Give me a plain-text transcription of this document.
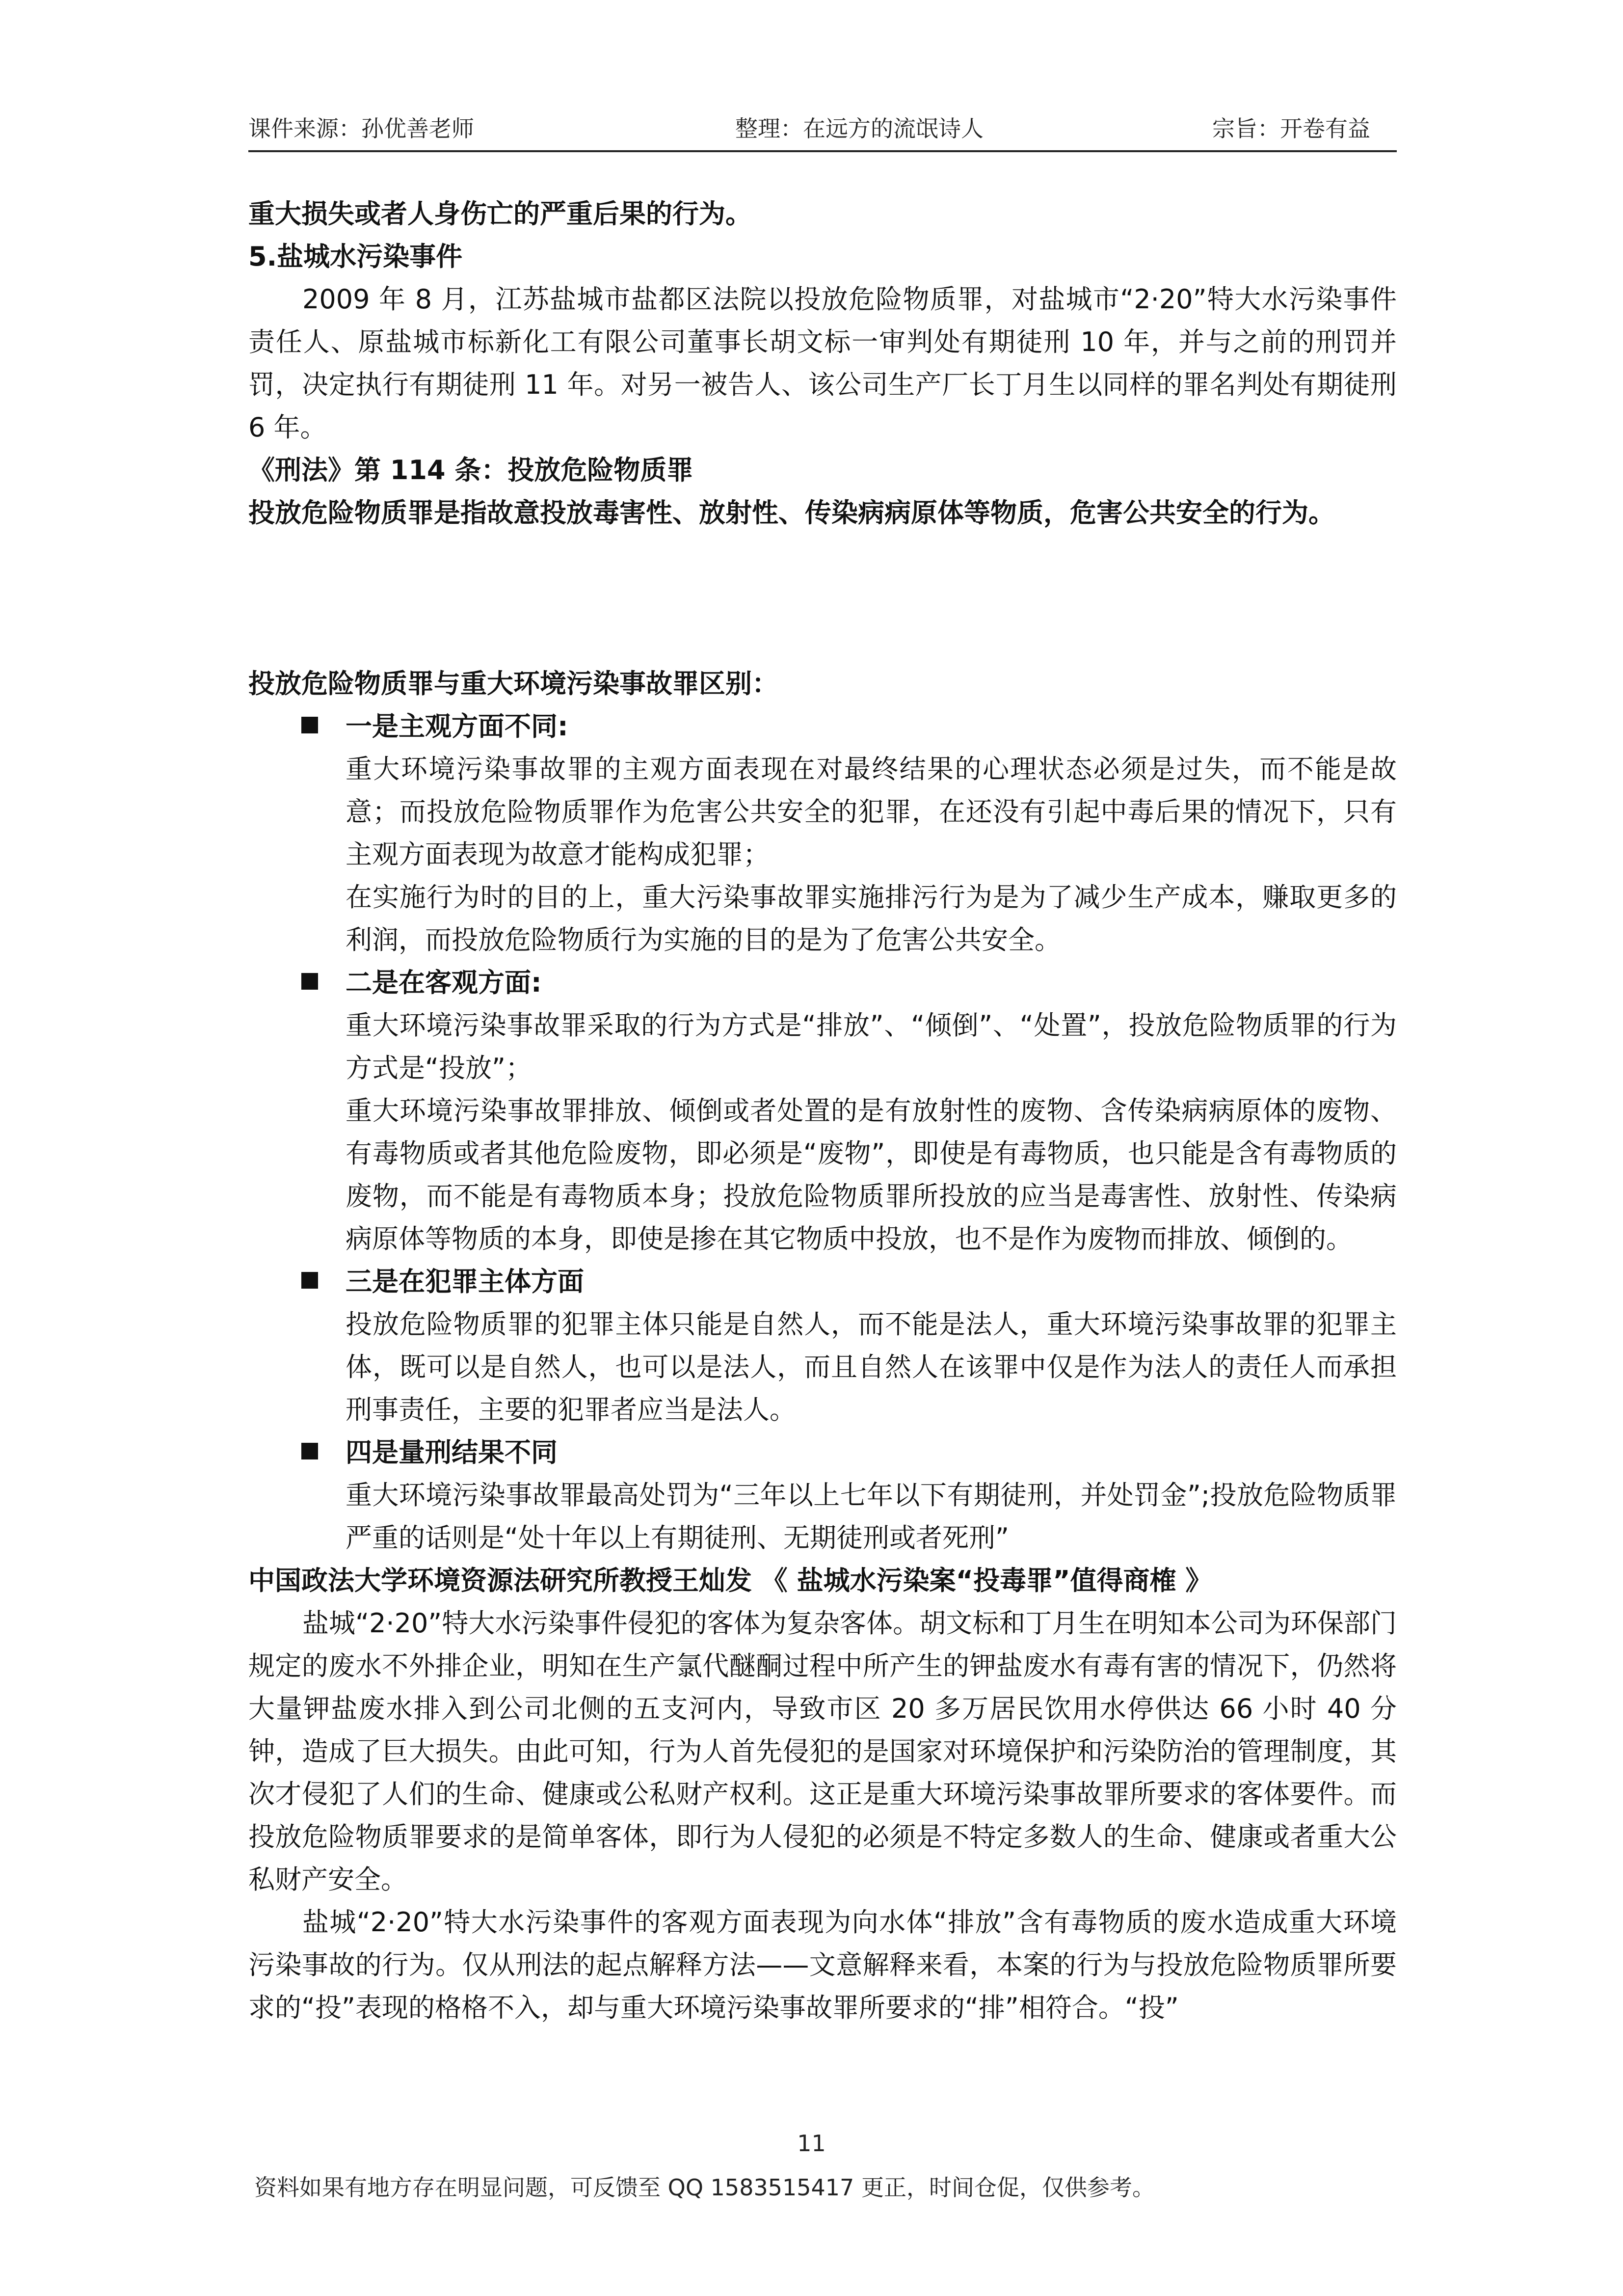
课件来源：孙优善老师	整理：在远方的流氓诗人	宗旨：开卷有益

重大损失或者人身伤亡的严重后果的行为。

5.盐城水污染事件

2009 年 8 月，江苏盐城市盐都区法院以投放危险物质罪，对盐城市“2·20”特大水污染事件责任人、原盐城市标新化工有限公司董事长胡文标一审判处有期徒刑 10 年，并与之前的刑罚并罚，决定执行有期徒刑 11 年。对另一被告人、该公司生产厂长丁月生以同样的罪名判处有期徒刑 6 年。

《刑法》第 114 条：投放危险物质罪

投放危险物质罪是指故意投放毒害性、放射性、传染病病原体等物质，危害公共安全的行为。

投放危险物质罪与重大环境污染事故罪区别：

一是主观方面不同:

重大环境污染事故罪的主观方面表现在对最终结果的心理状态必须是过失，而不能是故意；而投放危险物质罪作为危害公共安全的犯罪，在还没有引起中毒后果的情况下，只有主观方面表现为故意才能构成犯罪；

在实施行为时的目的上，重大污染事故罪实施排污行为是为了减少生产成本，赚取更多的利润，而投放危险物质行为实施的目的是为了危害公共安全。

二是在客观方面:

重大环境污染事故罪采取的行为方式是“排放”、“倾倒”、“处置”，投放危险物质罪的行为方式是“投放”；

重大环境污染事故罪排放、倾倒或者处置的是有放射性的废物、含传染病病原体的废物、有毒物质或者其他危险废物，即必须是“废物”，即使是有毒物质，也只能是含有毒物质的废物，而不能是有毒物质本身；投放危险物质罪所投放的应当是毒害性、放射性、传染病病原体等物质的本身，即使是掺在其它物质中投放，也不是作为废物而排放、倾倒的。

三是在犯罪主体方面

投放危险物质罪的犯罪主体只能是自然人，而不能是法人，重大环境污染事故罪的犯罪主体，既可以是自然人，也可以是法人，而且自然人在该罪中仅是作为法人的责任人而承担刑事责任，主要的犯罪者应当是法人。

四是量刑结果不同

重大环境污染事故罪最高处罚为“三年以上七年以下有期徒刑，并处罚金”;投放危险物质罪严重的话则是“处十年以上有期徒刑、无期徒刑或者死刑”

中国政法大学环境资源法研究所教授王灿发 《 盐城水污染案“投毒罪”值得商榷 》

盐城“2·20”特大水污染事件侵犯的客体为复杂客体。胡文标和丁月生在明知本公司为环保部门规定的废水不外排企业，明知在生产氯代醚酮过程中所产生的钾盐废水有毒有害的情况下，仍然将大量钾盐废水排入到公司北侧的五支河内，导致市区 20 多万居民饮用水停供达 66 小时 40 分钟，造成了巨大损失。由此可知，行为人首先侵犯的是国家对环境保护和污染防治的管理制度，其次才侵犯了人们的生命、健康或公私财产权利。这正是重大环境污染事故罪所要求的客体要件。而投放危险物质罪要求的是简单客体，即行为人侵犯的必须是不特定多数人的生命、健康或者重大公私财产安全。

盐城“2·20”特大水污染事件的客观方面表现为向水体“排放”含有毒物质的废水造成重大环境污染事故的行为。仅从刑法的起点解释方法——文意解释来看，本案的行为与投放危险物质罪所要求的“投”表现的格格不入，却与重大环境污染事故罪所要求的“排”相符合。“投”

11
资料如果有地方存在明显问题，可反馈至 QQ 1583515417 更正，时间仓促，仅供参考。
